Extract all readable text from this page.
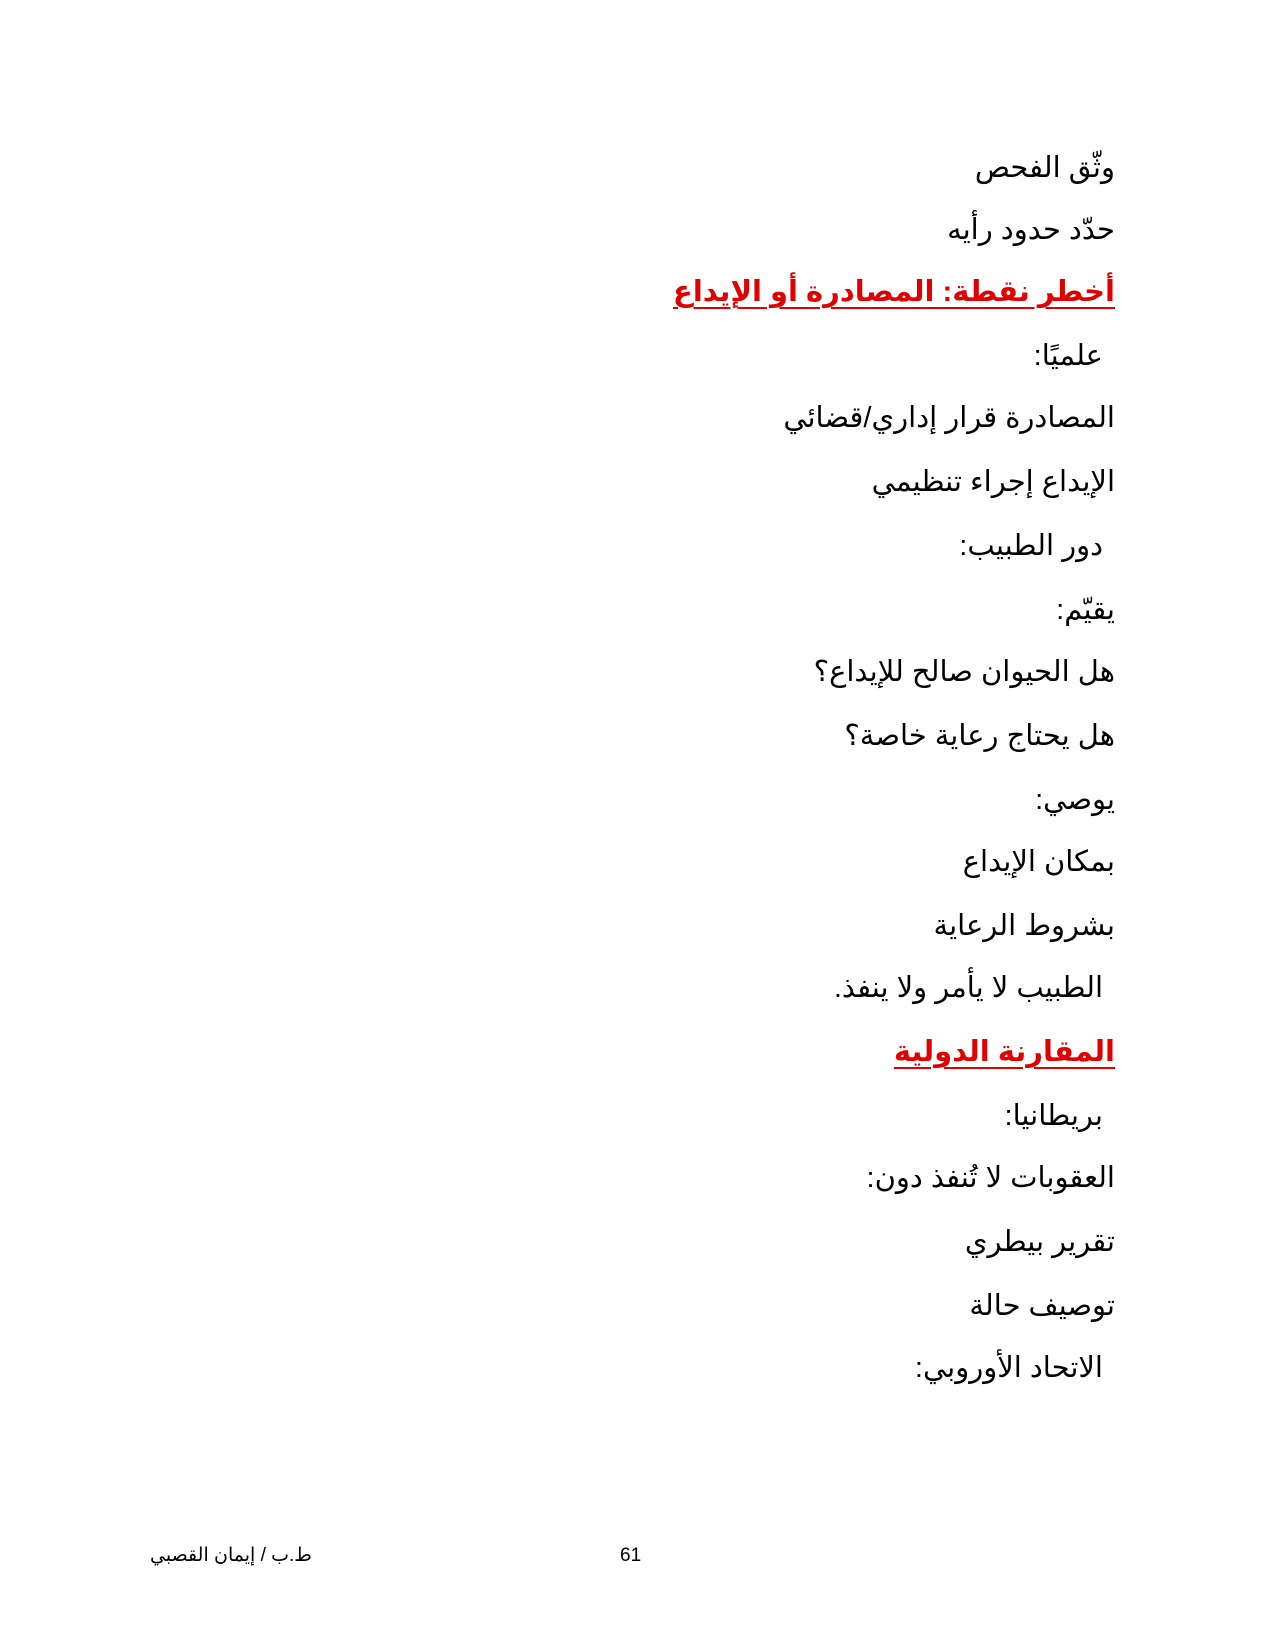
وثّق الفحص
حدّد حدود رأيه
أخطر نقطة: المصادرة أو الإيداع
علميًا:
المصادرة قرار إداري/قضائي
الإيداع إجراء تنظيمي
دور الطبيب:
يقيّم:
هل الحيوان صالح للإيداع؟
هل يحتاج رعاية خاصة؟
يوصي:
بمكان الإيداع
بشروط الرعاية
الطبيب لا يأمر ولا ينفذ.
المقارنة الدولية
بريطانيا:
العقوبات لا تُنفذ دون:
تقرير بيطري
توصيف حالة
الاتحاد الأوروبي:
ط.ب / إيمان القصبي	61
